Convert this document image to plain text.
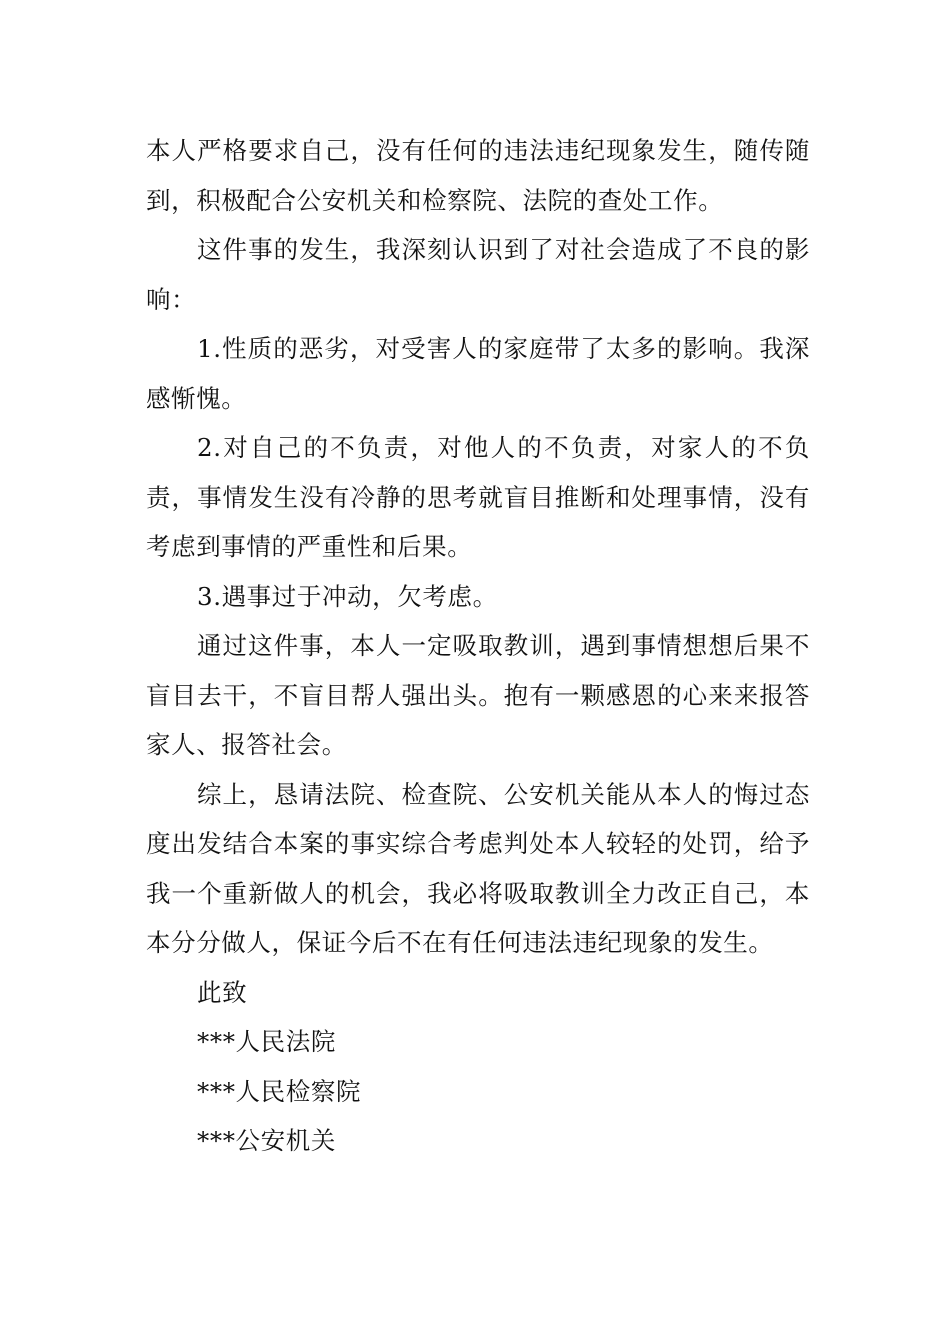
本人严格要求自己，没有任何的违法违纪现象发生，随传随到，积极配合公安机关和检察院、法院的查处工作。

这件事的发生，我深刻认识到了对社会造成了不良的影响：

1.性质的恶劣，对受害人的家庭带了太多的影响。我深感惭愧。

2.对自己的不负责，对他人的不负责，对家人的不负责，事情发生没有冷静的思考就盲目推断和处理事情，没有考虑到事情的严重性和后果。

3.遇事过于冲动，欠考虑。

通过这件事，本人一定吸取教训，遇到事情想想后果不盲目去干，不盲目帮人强出头。抱有一颗感恩的心来来报答家人、报答社会。

综上，恳请法院、检查院、公安机关能从本人的悔过态度出发结合本案的事实综合考虑判处本人较轻的处罚，给予我一个重新做人的机会，我必将吸取教训全力改正自己，本本分分做人，保证今后不在有任何违法违纪现象的发生。

此致

***人民法院

***人民检察院

***公安机关
